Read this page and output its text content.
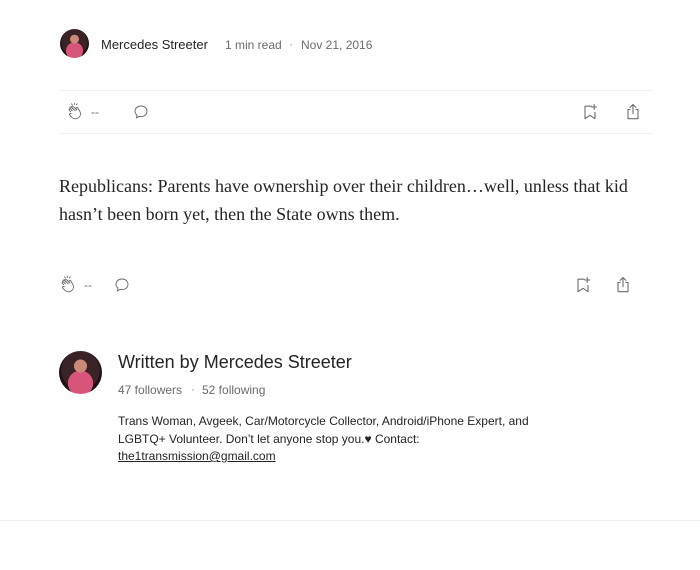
Mercedes Streeter 1 min read · Nov 21, 2016
--

Republicans: Parents have ownership over their children…well, unless that kid hasn’t been born yet, then the State owns them.

--
Written by Mercedes Streeter
47 followers · 52 following
Trans Woman, Avgeek, Car/Motorcycle Collector, Android/iPhone Expert, and LGBTQ+ Volunteer. Don’t let anyone stop you.♥ Contact: the1transmission@gmail.com
